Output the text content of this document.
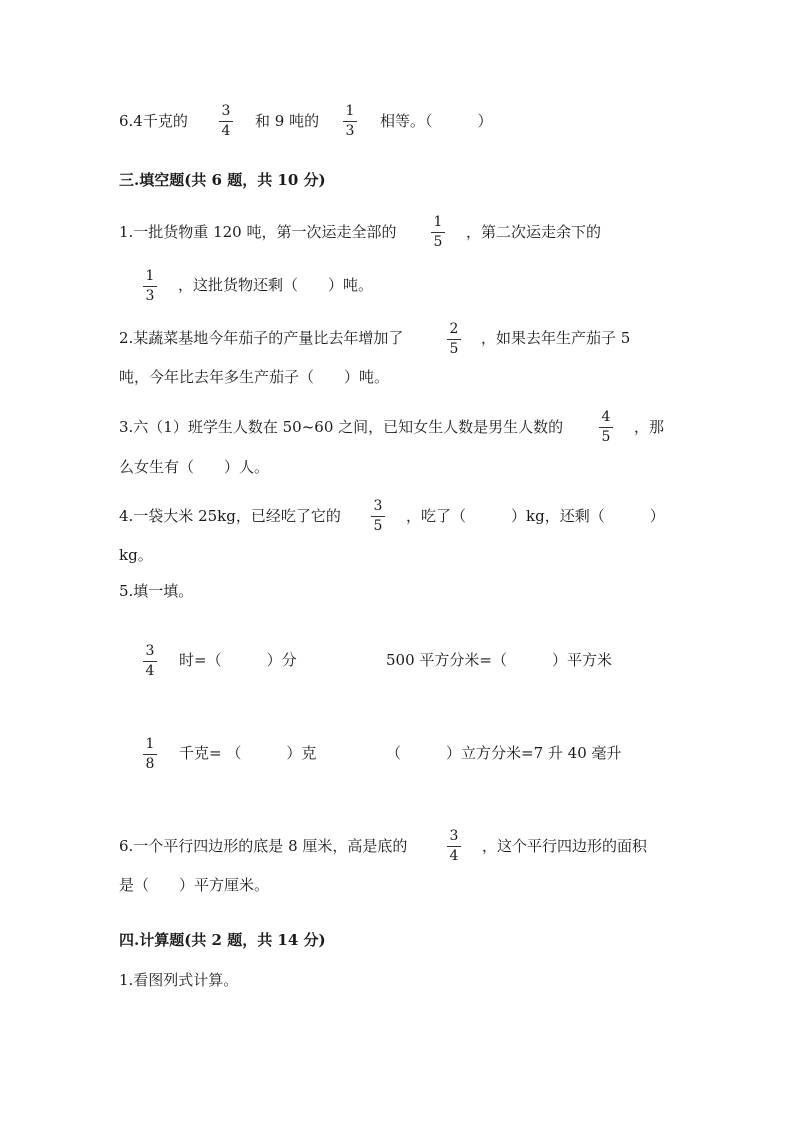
6.4千克的
3
4
和 9 吨的
1
3
相等。（　　　）
三.填空题(共 6 题，共 10 分)
1.一批货物重 120 吨，第一次运走全部的
1
5
，第二次运走余下的
1
3
，这批货物还剩（　　）吨。
2.某蔬菜基地今年茄子的产量比去年增加了	2
5
，如果去年生产茄子 5
吨，今年比去年多生产茄子（　　）吨。
3.六（1）班学生人数在 50~60 之间，已知女生人数是男生人数的
4
5
，那
么女生有（　　）人。
4.一袋大米 25kg，已经吃了它的
3
5
，吃了（　　　）kg，还剩（　　　）
kg。
5.填一填。
3
4
时=（　　　）分	500 平方分米=（　　　）平方米
1
8
千克= （　　　）克	（　　　）立方分米=7 升 40 毫升
6.一个平行四边形的底是 8 厘米，高是底的
3
4
，这个平行四边形的面积
是（　　）平方厘米。
四.计算题(共 2 题，共 14 分)
1.看图列式计算。
